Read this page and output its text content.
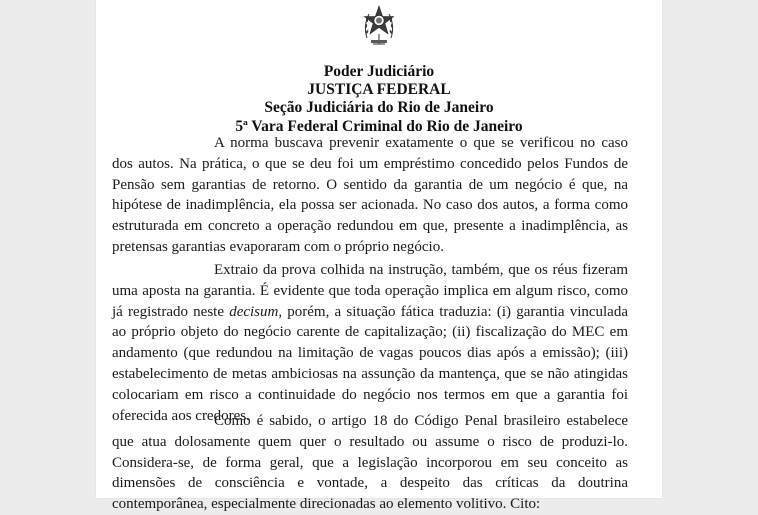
Poder Judiciário
JUSTIÇA FEDERAL
Seção Judiciária do Rio de Janeiro
5ª Vara Federal Criminal do Rio de Janeiro

A norma buscava prevenir exatamente o que se verificou no caso dos autos. Na prática, o que se deu foi um empréstimo concedido pelos Fundos de Pensão sem garantias de retorno. O sentido da garantia de um negócio é que, na hipótese de inadimplência, ela possa ser acionada. No caso dos autos, a forma como estruturada em concreto a operação redundou em que, presente a inadimplência, as pretensas garantias evaporaram com o próprio negócio.

Extraio da prova colhida na instrução, também, que os réus fizeram uma aposta na garantia. É evidente que toda operação implica em algum risco, como já registrado neste decisum, porém, a situação fática traduzia: (i) garantia vinculada ao próprio objeto do negócio carente de capitalização; (ii) fiscalização do MEC em andamento (que redundou na limitação de vagas poucos dias após a emissão); (iii) estabelecimento de metas ambiciosas na assunção da mantença, que se não atingidas colocariam em risco a continuidade do negócio nos termos em que a garantia foi oferecida aos credores.

Como é sabido, o artigo 18 do Código Penal brasileiro estabelece que atua dolosamente quem quer o resultado ou assume o risco de produzi-lo. Considera-se, de forma geral, que a legislação incorporou em seu conceito as dimensões de consciência e vontade, a despeito das críticas da doutrina contemporânea, especialmente direcionadas ao elemento volitivo. Cito:
